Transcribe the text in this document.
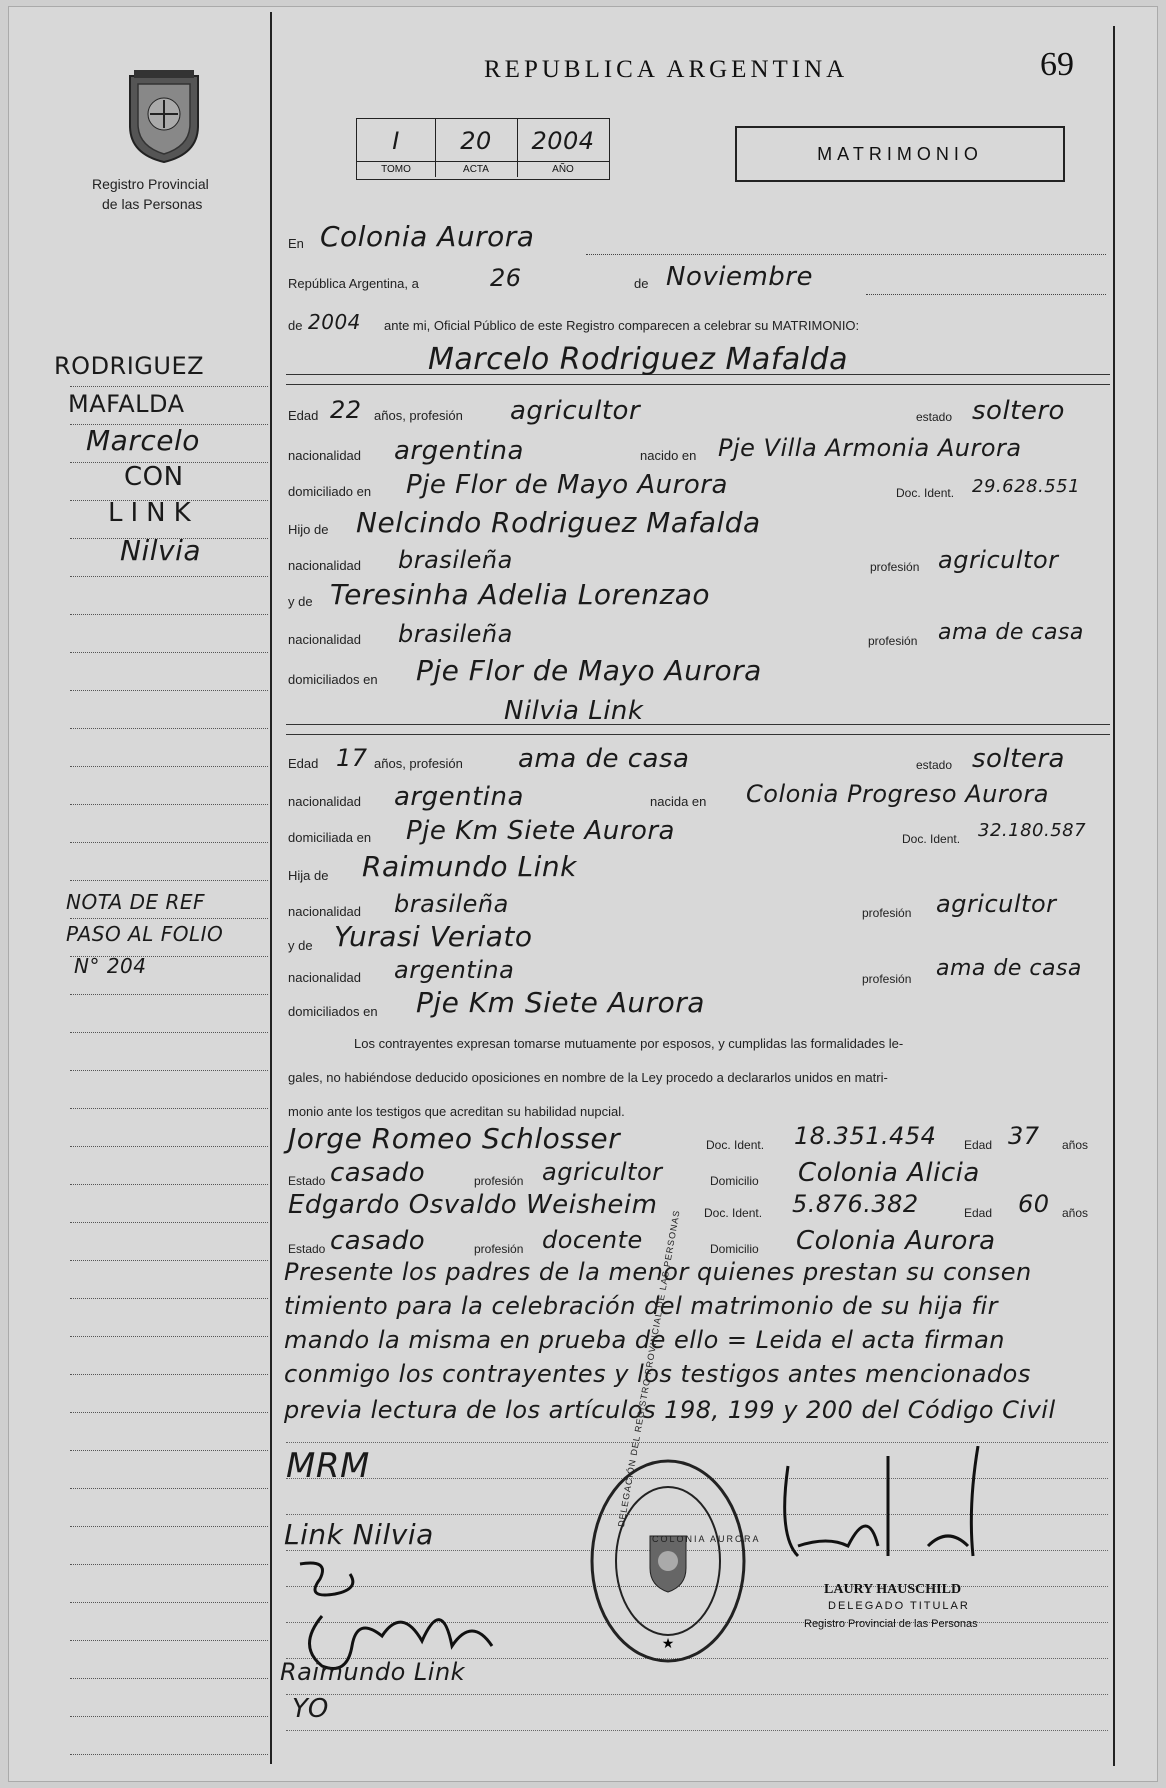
REPUBLICA ARGENTINA	69
Registro Provincial
de las Personas
I
TOMO
20
ACTA
2004
AÑO
MATRIMONIO
RODRIGUEZ
MAFALDA
Marcelo
CON
LINK
Nilvia
NOTA DE REF
PASO AL FOLIO
N° 204
En Colonia Aurora
República Argentina, a	26	de Noviembre
de 2004 ante mi, Oficial Público de este Registro comparecen a celebrar su MATRIMONIO:
Marcelo Rodriguez Mafalda
Edad 22 años, profesión agricultor	estado soltero
nacionalidad argentina	nacido en Pje Villa Armonia Aurora
domiciliado en Pje Flor de Mayo Aurora	Doc. Ident. 29.628.551
Hijo de Nelcindo Rodriguez Mafalda
nacionalidad brasileña	profesión agricultor
y de Teresinha Adelia Lorenzao
nacionalidad brasileña	profesión ama de casa
domiciliados en Pje Flor de Mayo Aurora
Nilvia Link
Edad 17 años, profesión ama de casa	estado soltera
nacionalidad argentina	nacida en Colonia Progreso Aurora
domiciliada en Pje Km Siete Aurora	Doc. Ident. 32.180.587
Hija de Raimundo Link
nacionalidad brasileña	profesión agricultor
y de Yurasi Veriato
nacionalidad argentina	profesión ama de casa
domiciliados en Pje Km Siete Aurora
Los contrayentes expresan tomarse mutuamente por esposos, y cumplidas las formalidades le-
gales, no habiéndose deducido oposiciones en nombre de la Ley procedo a declararlos unidos en matri-
monio ante los testigos que acreditan su habilidad nupcial.
Jorge Romeo Schlosser	Doc. Ident. 18.351.454 Edad 37 años
Estado casado	profesión agricultor	Domicilio Colonia Alicia
Edgardo Osvaldo Weisheim	Doc. Ident. 5.876.382	Edad 60 años
Estado casado	profesión docente	Domicilio Colonia Aurora
Presente los padres de la menor quienes prestan su consen
timiento para la celebración del matrimonio de su hija fir
mando la misma en prueba de ello = Leida el acta firman
conmigo los contrayentes y los testigos antes mencionados
previa lectura de los artículos 198, 199 y 200 del Código Civil
MRM
Link Nilvia
Raimundo Link
YO
★
DELEGACIÓN DEL REGISTRO PROVINCIAL DE LAS PERSONAS
COLONIA AURORA
LAURY HAUSCHILD
DELEGADO TITULAR
Registro Provincial de las Personas
